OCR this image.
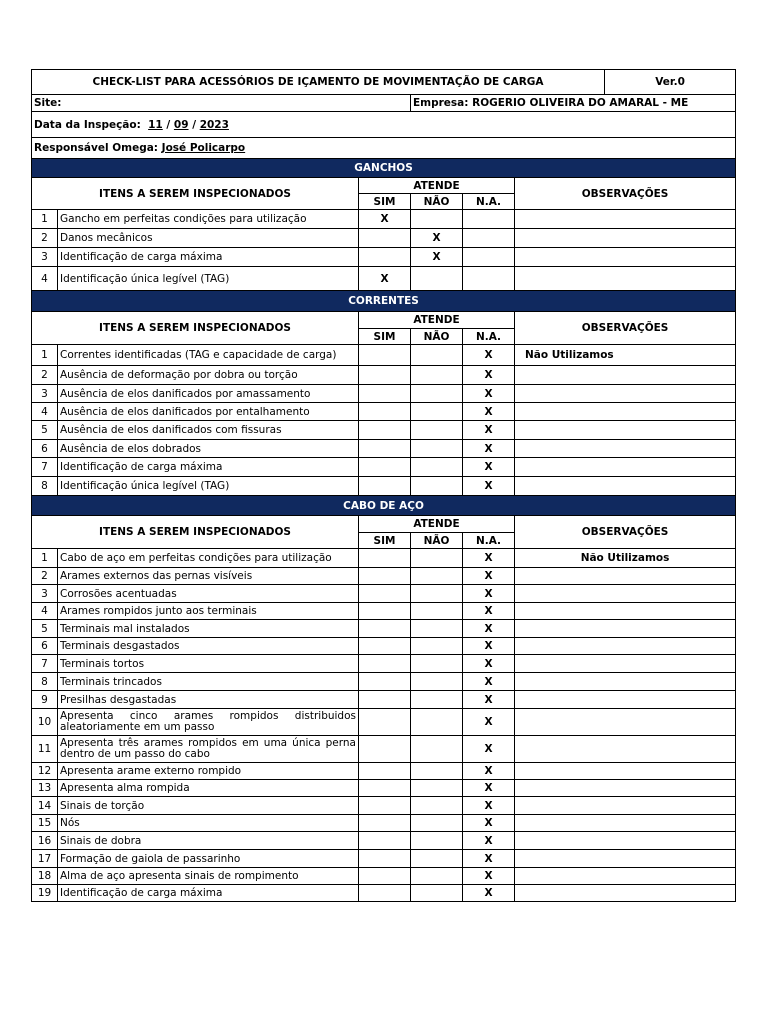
CHECK-LIST PARA ACESSÓRIOS DE IÇAMENTO DE MOVIMENTAÇÃO DE CARGA						Ver.0
Site:			Empresa: ROGERIO OLIVEIRA DO AMARAL - ME			
Data da Inspeção: 11 / 09 / 2023						
Responsável Omega: José Policarpo						
GANCHOS						
ITENS A SEREM INSPECIONADOS		ATENDE			OBSERVAÇÕES	
		SIM	NÃO	N.A.		
1	Gancho em perfeitas condições para utilização	X				
2	Danos mecânicos		X			
3	Identificação de carga máxima		X			
4	Identificação única legível (TAG)	X				
CORRENTES						
ITENS A SEREM INSPECIONADOS		ATENDE			OBSERVAÇÕES	
		SIM	NÃO	N.A.		
1	Correntes identificadas (TAG e capacidade de carga)			X	Não Utilizamos	
2	Ausência de deformação por dobra ou torção			X		
3	Ausência de elos danificados por amassamento			X		
4	Ausência de elos danificados por entalhamento			X		
5	Ausência de elos danificados com fissuras			X		
6	Ausência de elos dobrados			X		
7	Identificação de carga máxima			X		
8	Identificação única legível (TAG)			X		
CABO DE AÇO						
ITENS A SEREM INSPECIONADOS		ATENDE			OBSERVAÇÕES	
		SIM	NÃO	N.A.		
1	Cabo de aço em perfeitas condições para utilização			X	Não Utilizamos	
2	Arames externos das pernas visíveis			X		
3	Corrosões acentuadas			X		
4	Arames rompidos junto aos terminais			X		
5	Terminais mal instalados			X		
6	Terminais desgastados			X		
7	Terminais tortos			X		
8	Terminais trincados			X		
9	Presilhas desgastadas			X		
10	Apresenta cinco arames rompidos distribuidos aleatoriamente em um passo			X		
11	Apresenta três arames rompidos em uma única perna dentro de um passo do cabo			X		
12	Apresenta arame externo rompido			X		
13	Apresenta alma rompida			X		
14	Sinais de torção			X		
15	Nós			X		
16	Sinais de dobra			X		
17	Formação de gaiola de passarinho			X		
18	Alma de aço apresenta sinais de rompimento			X		
19	Identificação de carga máxima			X		
